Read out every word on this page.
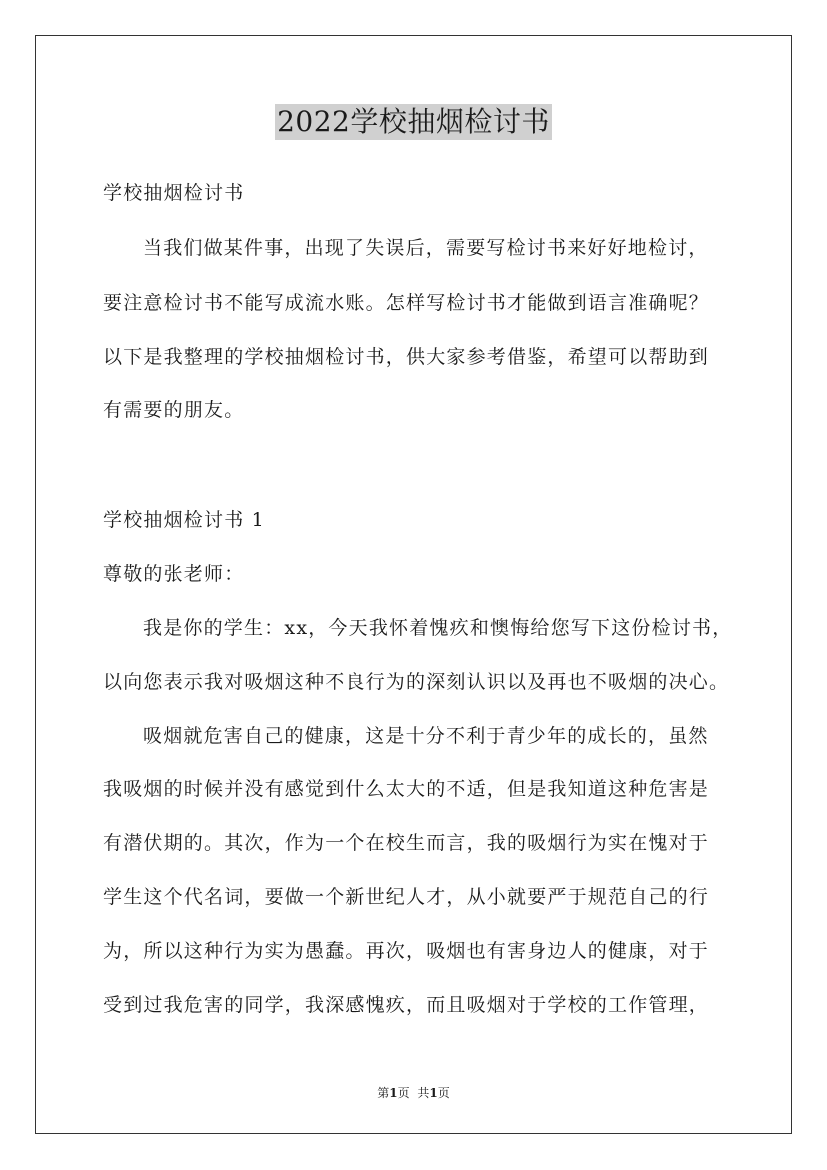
2022学校抽烟检讨书
学校抽烟检讨书
当我们做某件事，出现了失误后，需要写检讨书来好好地检讨，
要注意检讨书不能写成流水账。怎样写检讨书才能做到语言准确呢？
以下是我整理的学校抽烟检讨书，供大家参考借鉴，希望可以帮助到
有需要的朋友。
学校抽烟检讨书 1
尊敬的张老师：
我是你的学生：xx，今天我怀着愧疚和懊悔给您写下这份检讨书，
以向您表示我对吸烟这种不良行为的深刻认识以及再也不吸烟的决心。
吸烟就危害自己的健康，这是十分不利于青少年的成长的，虽然
我吸烟的时候并没有感觉到什么太大的不适，但是我知道这种危害是
有潜伏期的。其次，作为一个在校生而言，我的吸烟行为实在愧对于
学生这个代名词，要做一个新世纪人才，从小就要严于规范自己的行
为，所以这种行为实为愚蠢。再次，吸烟也有害身边人的健康，对于
受到过我危害的同学，我深感愧疚，而且吸烟对于学校的工作管理，
第1页 共1页
